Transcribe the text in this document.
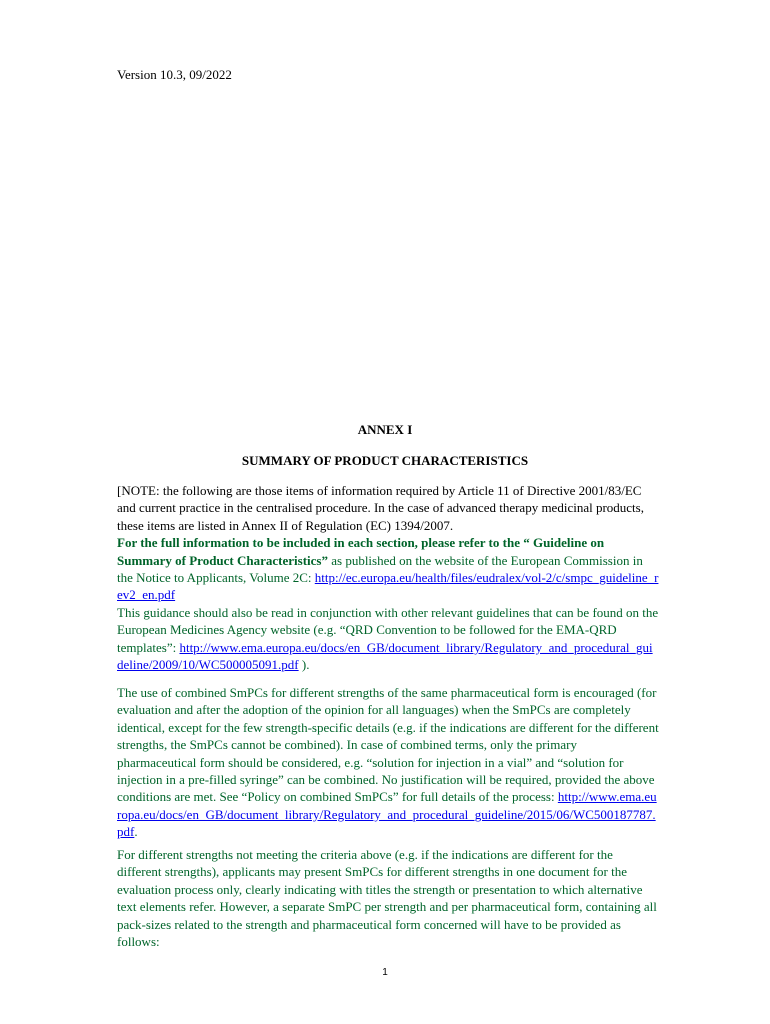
Version 10.3, 09/2022
ANNEX I
SUMMARY OF PRODUCT CHARACTERISTICS

[NOTE: the following are those items of information required by Article 11 of Directive 2001/83/EC and current practice in the centralised procedure. In the case of advanced therapy medicinal products, these items are listed in Annex II of Regulation (EC) 1394/2007.
For the full information to be included in each section, please refer to the “ Guideline on Summary of Product Characteristics” as published on the website of the European Commission in the Notice to Applicants, Volume 2C: http://ec.europa.eu/health/files/eudralex/vol-2/c/smpc_guideline_rev2_en.pdf
This guidance should also be read in conjunction with other relevant guidelines that can be found on the European Medicines Agency website (e.g. “QRD Convention to be followed for the EMA-QRD templates”: http://www.ema.europa.eu/docs/en_GB/document_library/Regulatory_and_procedural_guideline/2009/10/WC500005091.pdf ).

The use of combined SmPCs for different strengths of the same pharmaceutical form is encouraged (for evaluation and after the adoption of the opinion for all languages) when the SmPCs are completely identical, except for the few strength-specific details (e.g. if the indications are different for the different strengths, the SmPCs cannot be combined). In case of combined terms, only the primary pharmaceutical form should be considered, e.g. “solution for injection in a vial” and “solution for injection in a pre-filled syringe” can be combined. No justification will be required, provided the above conditions are met. See “Policy on combined SmPCs” for full details of the process: http://www.ema.europa.eu/docs/en_GB/document_library/Regulatory_and_procedural_guideline/2015/06/WC500187787.pdf.

For different strengths not meeting the criteria above (e.g. if the indications are different for the different strengths), applicants may present SmPCs for different strengths in one document for the evaluation process only, clearly indicating with titles the strength or presentation to which alternative text elements refer. However, a separate SmPC per strength and per pharmaceutical form, containing all pack-sizes related to the strength and pharmaceutical form concerned will have to be provided as follows:

1
